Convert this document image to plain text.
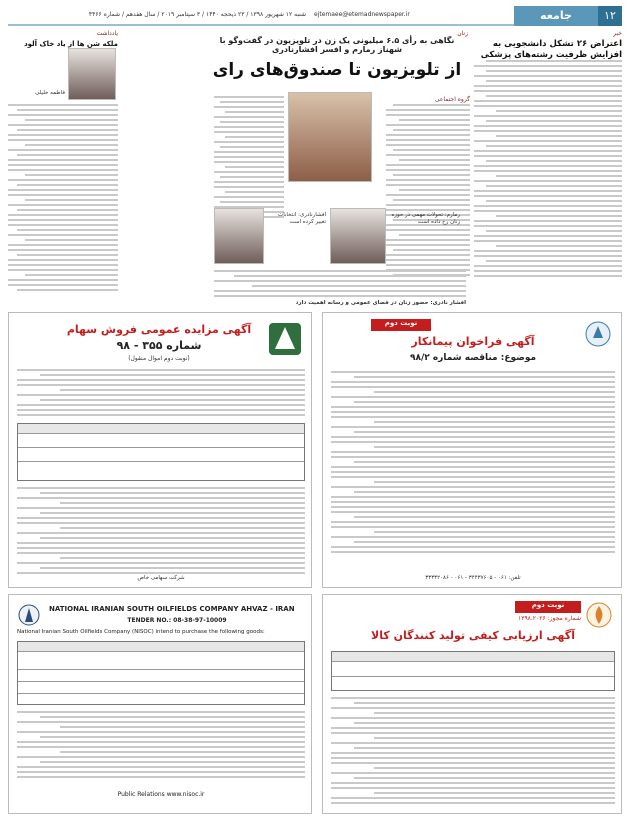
۱۲
جامعه
ejtemaee@etemadnewspaper.ir
شنبه ۱۲ شهریور ۱۳۹۸ / ۲۳ ذیحجه ۱۴۴۰ / ۳ سپتامبر ۲۰۱۹ / سال هفدهم / شماره ۴۴۶۶
خبر
اعتراض ۲۶ تشکل دانشجویی به افزایش ظرفیت رشته‌های پزشکی
زنان
نگاهی به رأی ۶.۵ میلیونی یک زن در تلویزیون در گفت‌وگو با شهناز رمارم و افسر افشارنادری
از تلویزیون تا صندوق‌های رای
گروه اجتماعی
افشارنادری: انتخابات تغییر کرده است
رمارم: تحولات مهمی در حوزه زنان رخ داده است
افشار نادری: حضور زنان در فضای عمومی و رسانه اهمیت دارد
یادداشت
ملکه شن ها از یاد خاک آلود
فاطمه خلیلی
نوبت دوم
آگهی فراخوان پیمانکار
موضوع: مناقصه شماره ۹۸/۲
تلفن: ۰۶۱ - ۳۴۴۳۷۶۰۵ - ۰۶۱ - ۳۳۳۳۲۰۸۶
آگهی مزایده عمومی فروش سهام
شماره ۳۵۵ - ۹۸
(نوبت دوم اموال منقول)
شرکت سهامی خاص
NATIONAL IRANIAN SOUTH OILFIELDS COMPANY AHVAZ - IRAN
TENDER NO.: 08-38-97-10009
National Iranian South Oilfields Company (NISOC) intend to purchase the following goods:
Public Relations www.nisoc.ir
نوبت دوم
شماره مجوز: ۱۳۹۸.۲۰۲۶
آگهی ارزیابی کیفی تولید کنندگان کالا
